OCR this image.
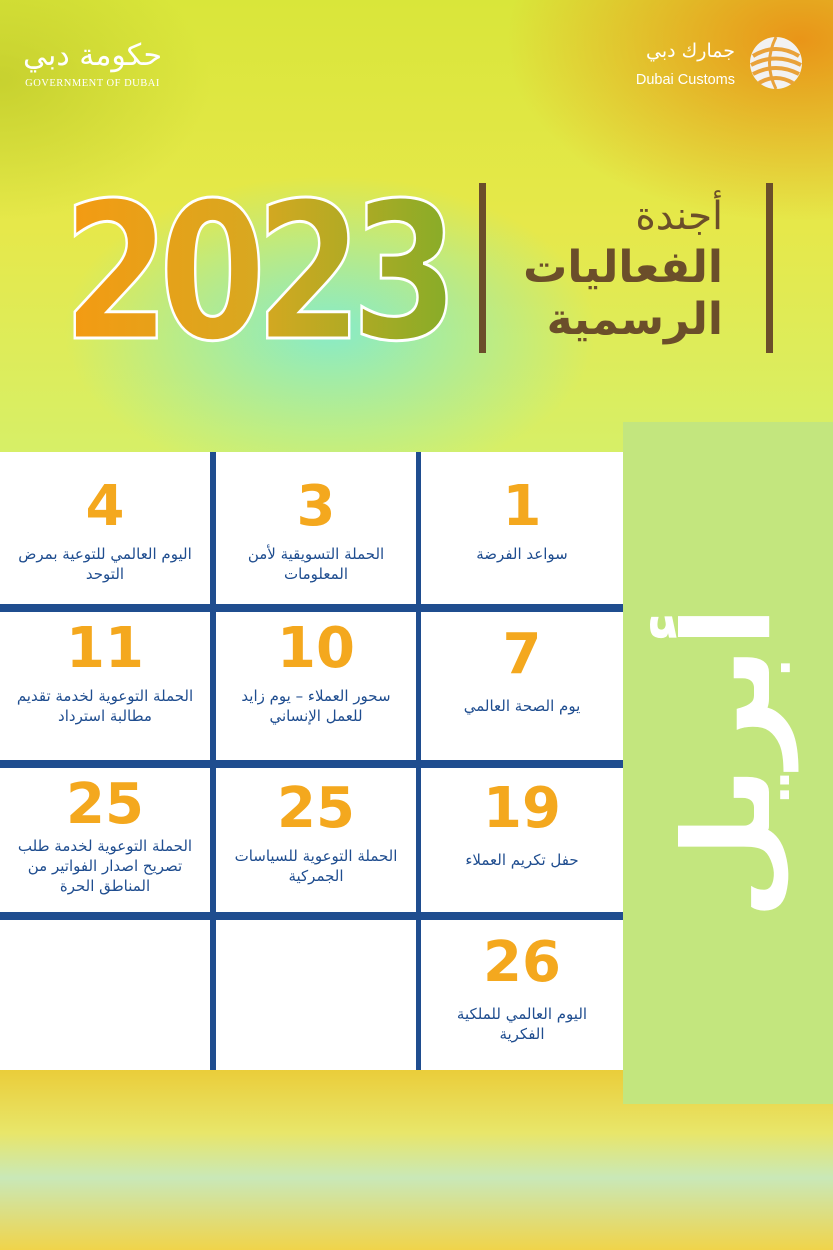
حكومة دبي
GOVERNMENT OF DUBAI
جمارك دبي
Dubai Customs
2023	أجندة
الفعاليات
الرسمية
أبريل
1
سواعد الفرضة
3
الحملة التسويقية لأمن المعلومات
4
اليوم العالمي للتوعية بمرض التوحد
7
يوم الصحة العالمي
10
سحور العملاء – يوم زايد للعمل الإنساني
11
الحملة التوعوية لخدمة تقديم مطالبة استرداد
19
حفل تكريم العملاء
25
الحملة التوعوية للسياسات الجمركية
25
الحملة التوعوية لخدمة طلب تصريح اصدار الفواتير من المناطق الحرة
26
اليوم العالمي للملكية الفكرية
